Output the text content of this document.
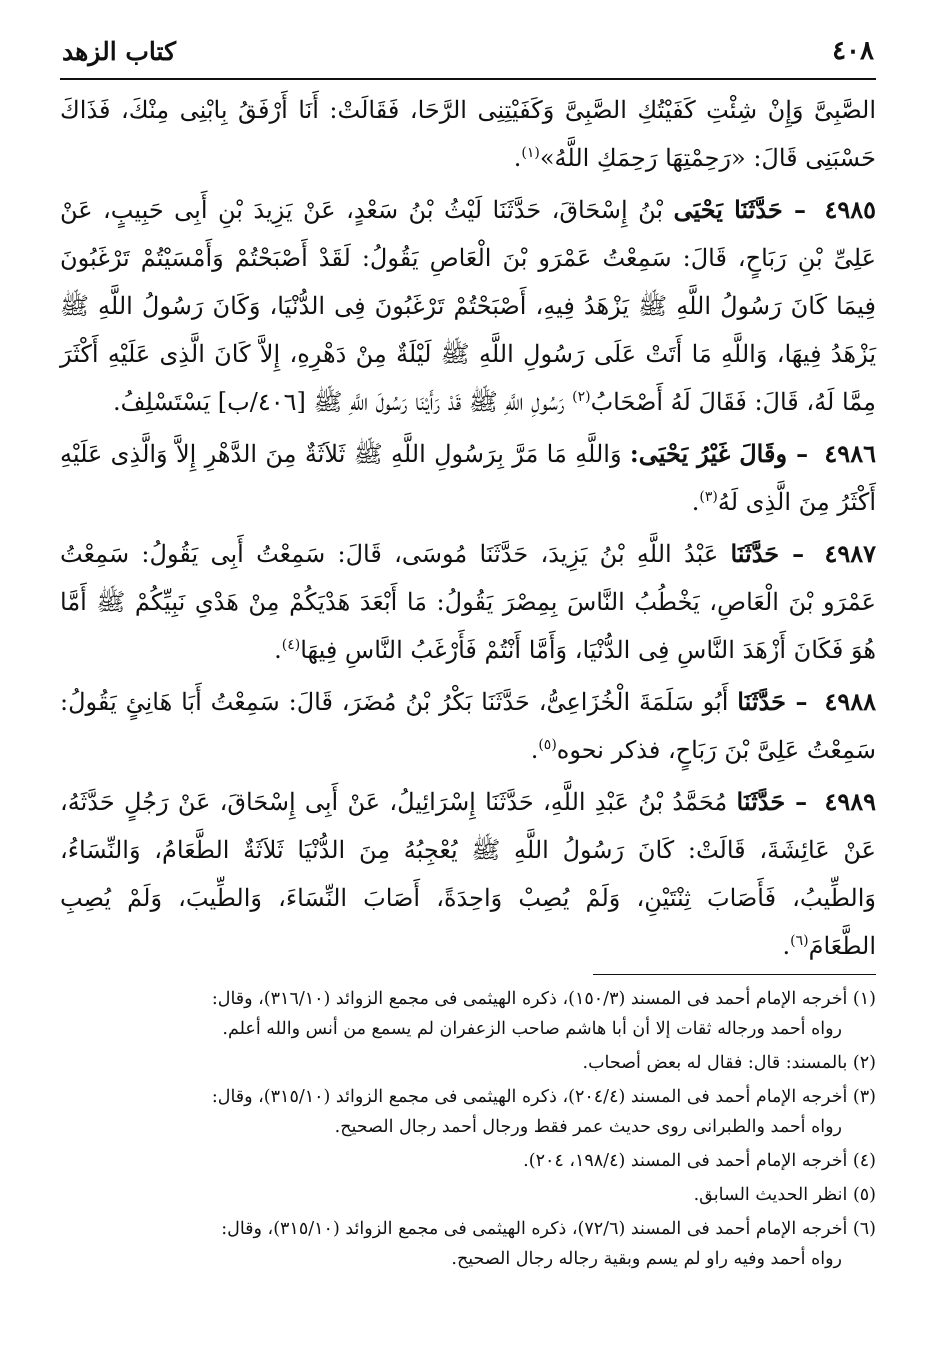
كتاب الزهد	٤٠٨

الصَّبِىَّ وَإِنْ شِئْتِ كَفَيْتُكِ الصَّبِىَّ وَكَفَيْتِنِى الرَّحَا، فَقَالَتْ: أَنَا أَرْفَقُ بِابْنِى مِنْكَ، فَذَاكَ حَسْبَنِى قَالَ: «رَحِمْتِهَا رَحِمَكِ اللَّهُ»$^{(١)}$.

٤٩٨٥ – حَدَّثَنَا يَحْيَى بْنُ إِسْحَاقَ، حَدَّثَنَا لَيْثُ بْنُ سَعْدٍ، عَنْ يَزِيدَ بْنِ أَبِى حَبِيبٍ، عَنْ عَلِىِّ بْنِ رَبَاحٍ، قَالَ: سَمِعْتُ عَمْرَو بْنَ الْعَاصِ يَقُولُ: لَقَدْ أَصْبَحْتُمْ وَأَمْسَيْتُمْ تَرْغَبُونَ فِيمَا كَانَ رَسُولُ اللَّهِ ﷺ يَزْهَدُ فِيهِ، أَصْبَحْتُمْ تَرْغَبُونَ فِى الدُّنْيَا، وَكَانَ رَسُولُ اللَّهِ ﷺ يَزْهَدُ فِيهَا، وَاللَّهِ مَا أَتَتْ عَلَى رَسُولِ اللَّهِ ﷺ لَيْلَةٌ مِنْ دَهْرِهِ، إِلاَّ كَانَ الَّذِى عَلَيْهِ أَكْثَرَ مِمَّا لَهُ، قَالَ: فَقَالَ لَهُ أَصْحَابُ$^{(٢)}$ رَسُولِ اللَّهِ ﷺ قَدْ رَأَيْنَا رَسُولَ اللَّهِ ﷺ [٤٠٦/ب] يَسْتَسْلِفُ.

٤٩٨٦ – وقَالَ غَيْرُ يَحْيَى: وَاللَّهِ مَا مَرَّ بِرَسُولِ اللَّهِ ﷺ ثَلاَثَةٌ مِنَ الدَّهْرِ إِلاَّ وَالَّذِى عَلَيْهِ أَكْثَرُ مِنَ الَّذِى لَهُ$^{(٣)}$.

٤٩٨٧ – حَدَّثَنَا عَبْدُ اللَّهِ بْنُ يَزِيدَ، حَدَّثَنَا مُوسَى، قَالَ: سَمِعْتُ أَبِى يَقُولُ: سَمِعْتُ عَمْرَو بْنَ الْعَاصِ، يَخْطُبُ النَّاسَ بِمِصْرَ يَقُولُ: مَا أَبْعَدَ هَدْيَكُمْ مِنْ هَدْىِ نَبِيِّكُمْ ﷺ أَمَّا هُوَ فَكَانَ أَزْهَدَ النَّاسِ فِى الدُّنْيَا، وَأَمَّا أَنْتُمْ فَأَرْغَبُ النَّاسِ فِيهَا$^{(٤)}$.

٤٩٨٨ – حَدَّثَنَا أَبُو سَلَمَةَ الْخُزَاعِىُّ، حَدَّثَنَا بَكْرُ بْنُ مُضَرَ، قَالَ: سَمِعْتُ أَبَا هَانِئٍ يَقُولُ: سَمِعْتُ عَلِىَّ بْنَ رَبَاحٍ، فذكر نحوه$^{(٥)}$.

٤٩٨٩ – حَدَّثَنَا مُحَمَّدُ بْنُ عَبْدِ اللَّهِ، حَدَّثَنَا إِسْرَائِيلُ، عَنْ أَبِى إِسْحَاقَ، عَنْ رَجُلٍ حَدَّثَهُ، عَنْ عَائِشَةَ، قَالَتْ: كَانَ رَسُولُ اللَّهِ ﷺ يُعْجِبُهُ مِنَ الدُّنْيَا ثَلاَثَةٌ الطَّعَامُ، وَالنِّسَاءُ، وَالطِّيبُ، فَأَصَابَ ثِنْتَيْنِ، وَلَمْ يُصِبْ وَاحِدَةً، أَصَابَ النِّسَاءَ، وَالطِّيبَ، وَلَمْ يُصِبِ الطَّعَامَ$^{(٦)}$.

(١) أخرجه الإمام أحمد فى المسند (١٥٠/٣)، ذكره الهيثمى فى مجمع الزوائد (٣١٦/١٠)، وقال:
رواه أحمد ورجاله ثقات إلا أن أبا هاشم صاحب الزعفران لم يسمع من أنس والله أعلم.

(٢) بالمسند: قال: فقال له بعض أصحاب.

(٣) أخرجه الإمام أحمد فى المسند (٢٠٤/٤)، ذكره الهيثمى فى مجمع الزوائد (٣١٥/١٠)، وقال:
رواه أحمد والطبرانى روى حديث عمر فقط ورجال أحمد رجال الصحيح.

(٤) أخرجه الإمام أحمد فى المسند (١٩٨/٤، ٢٠٤).

(٥) انظر الحديث السابق.

(٦) أخرجه الإمام أحمد فى المسند (٧٢/٦)، ذكره الهيثمى فى مجمع الزوائد (٣١٥/١٠)، وقال:
رواه أحمد وفيه راو لم يسم وبقية رجاله رجال الصحيح.
